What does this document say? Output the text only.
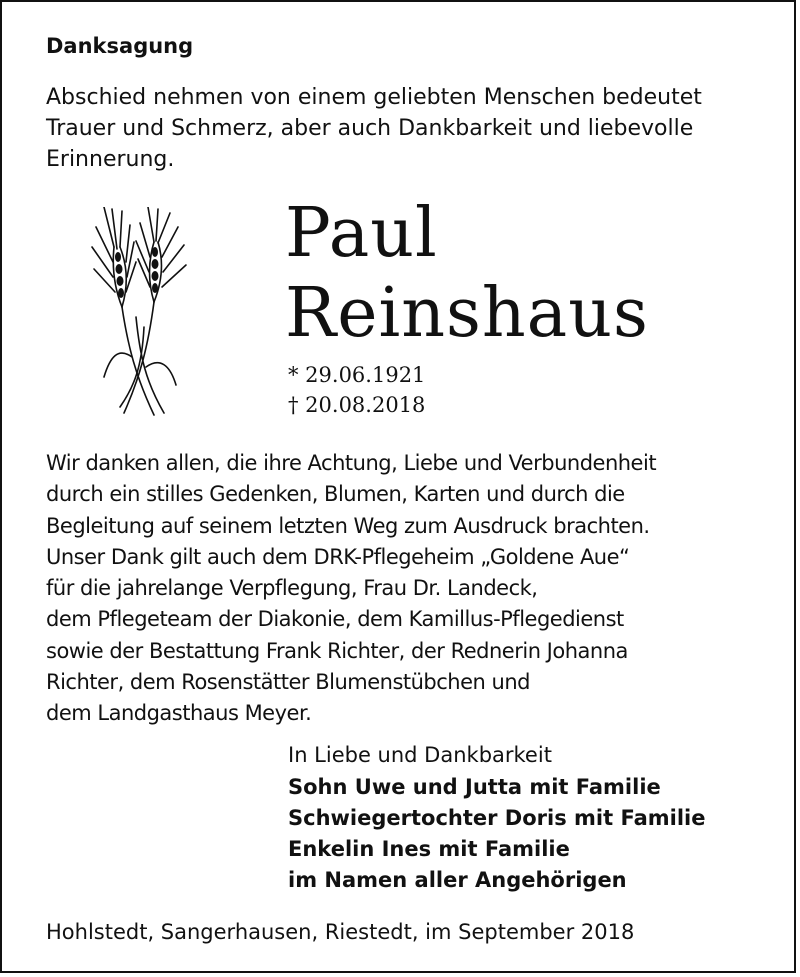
Danksagung
Abschied nehmen von einem geliebten Menschen bedeutet Trauer und Schmerz, aber auch Dankbarkeit und liebevolle Erinnerung.
Paul
Reinshaus
* 29.06.1921
† 20.08.2018
Wir danken allen, die ihre Achtung, Liebe und Verbundenheit
durch ein stilles Gedenken, Blumen, Karten und durch die
Begleitung auf seinem letzten Weg zum Ausdruck brachten.
Unser Dank gilt auch dem DRK-Pflegeheim „Goldene Aue“
für die jahrelange Verpflegung, Frau Dr. Landeck,
dem Pflegeteam der Diakonie, dem Kamillus-Pflegedienst
sowie der Bestattung Frank Richter, der Rednerin Johanna
Richter, dem Rosenstätter Blumenstübchen und
dem Landgasthaus Meyer.
In Liebe und Dankbarkeit
Sohn Uwe und Jutta mit Familie
Schwiegertochter Doris mit Familie
Enkelin Ines mit Familie
im Namen aller Angehörigen
Hohlstedt, Sangerhausen, Riestedt, im September 2018
